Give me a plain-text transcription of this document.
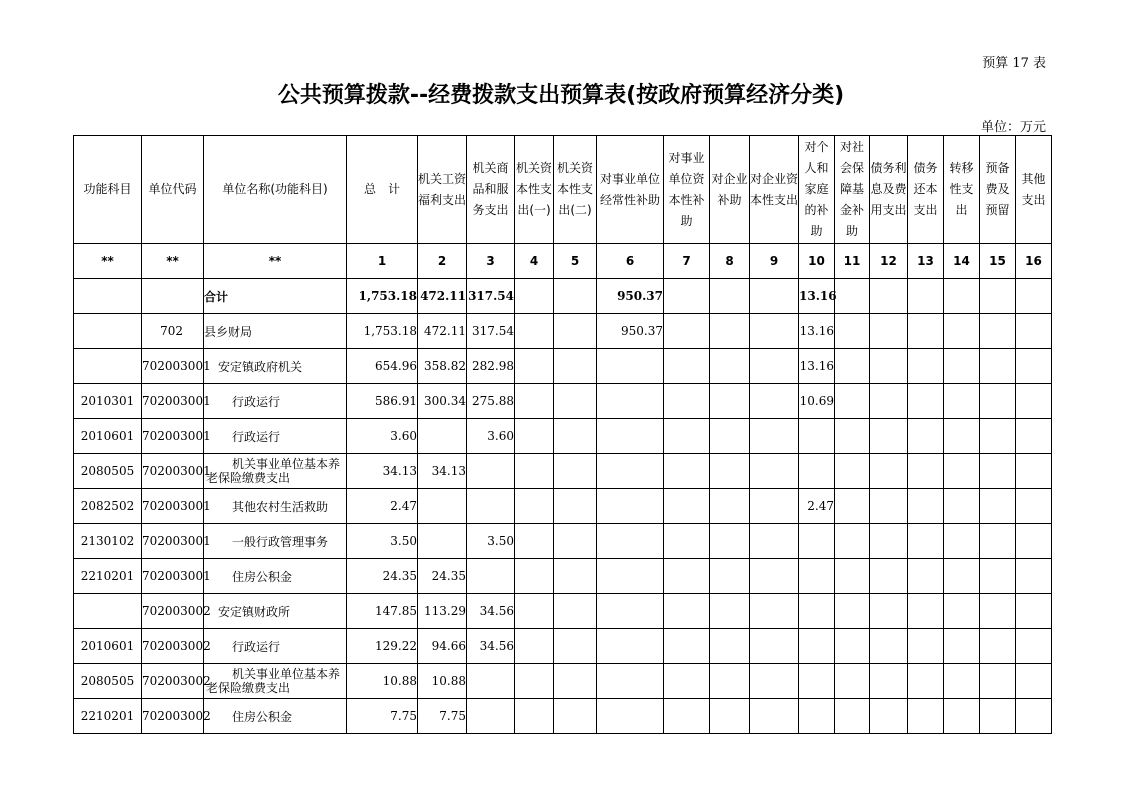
预算 17 表
公共预算拨款--经费拨款支出预算表(按政府预算经济分类)
单位：万元
功能科目	单位代码	单位名称(功能科目)	总　计	机关工资福利支出	机关商品和服务支出	机关资本性支出(一)	机关资本性支出(二)	对事业单位经常性补助	对事业单位资本性补助	对企业补助	对企业资本性支出	对个人和家庭的补助	对社会保障基金补助	债务利息及费用支出	债务还本支出	转移性支出	预备费及预留	其他支出
**	**	**	1	2	3	4	5	6	7	8	9	10	11	12	13	14	15	16
		合计	1,753.18	472.11	317.54			950.37				13.16						
	702	县乡财局	1,753.18	472.11	317.54			950.37				13.16						
	702003001	安定镇政府机关	654.96	358.82	282.98							13.16						
2010301	702003001	行政运行	586.91	300.34	275.88							10.69						
2010601	702003001	行政运行	3.60		3.60													
2080505	702003001	机关事业单位基本养老保险缴费支出	34.13	34.13														
2082502	702003001	其他农村生活救助	2.47									2.47						
2130102	702003001	一般行政管理事务	3.50		3.50													
2210201	702003001	住房公积金	24.35	24.35														
	702003002	安定镇财政所	147.85	113.29	34.56													
2010601	702003002	行政运行	129.22	94.66	34.56													
2080505	702003002	机关事业单位基本养老保险缴费支出	10.88	10.88														
2210201	702003002	住房公积金	7.75	7.75														
